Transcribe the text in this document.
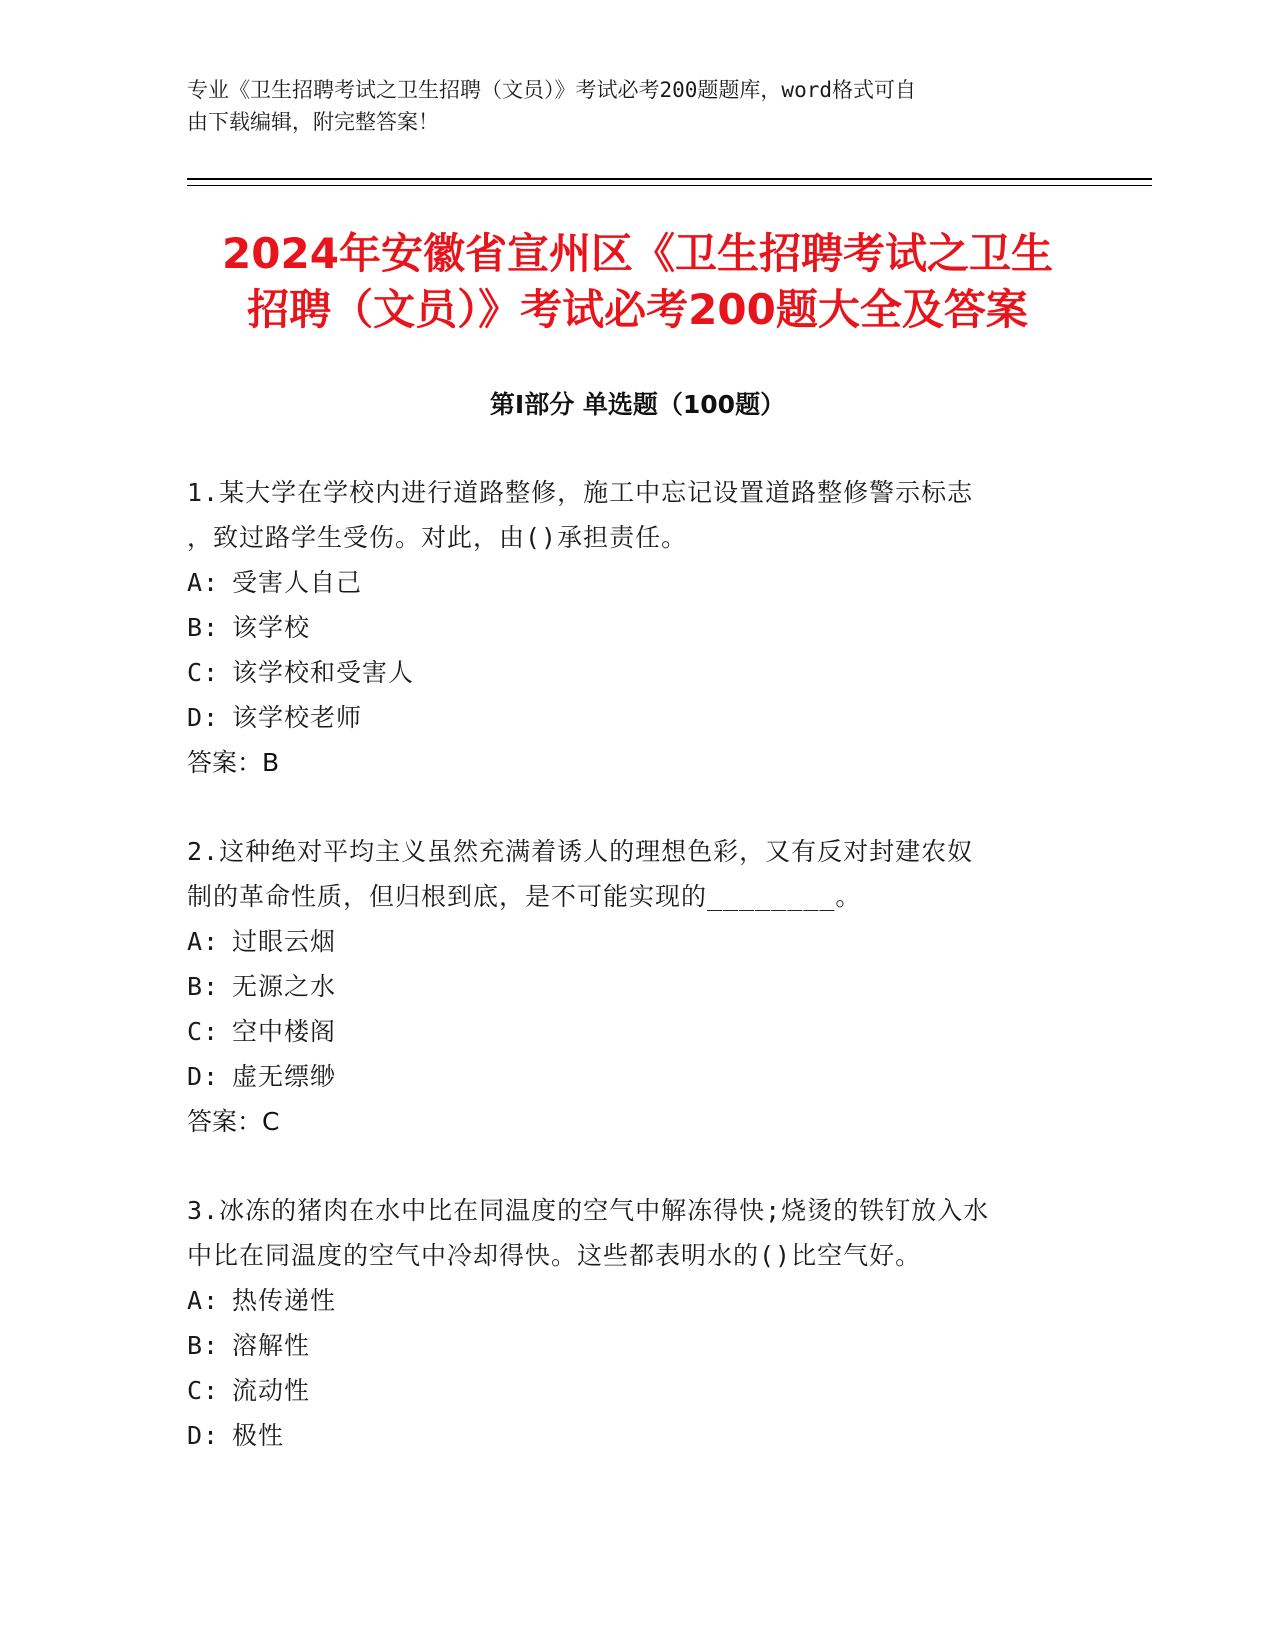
专业《卫生招聘考试之卫生招聘（文员）》考试必考200题题库，word格式可自
由下载编辑，附完整答案！
2024年安徽省宣州区《卫生招聘考试之卫生
招聘（文员）》考试必考200题大全及答案
第Ⅰ部分 单选题（100题）
1.某大学在学校内进行道路整修，施工中忘记设置道路整修警示标志
，致过路学生受伤。对此，由()承担责任。
A: 受害人自己
B: 该学校
C: 该学校和受害人
D: 该学校老师
答案：B
2.这种绝对平均主义虽然充满着诱人的理想色彩，又有反对封建农奴
制的革命性质，但归根到底，是不可能实现的________。
A: 过眼云烟
B: 无源之水
C: 空中楼阁
D: 虚无缥缈
答案：C
3.冰冻的猪肉在水中比在同温度的空气中解冻得快;烧烫的铁钉放入水
中比在同温度的空气中冷却得快。这些都表明水的()比空气好。
A: 热传递性
B: 溶解性
C: 流动性
D: 极性
